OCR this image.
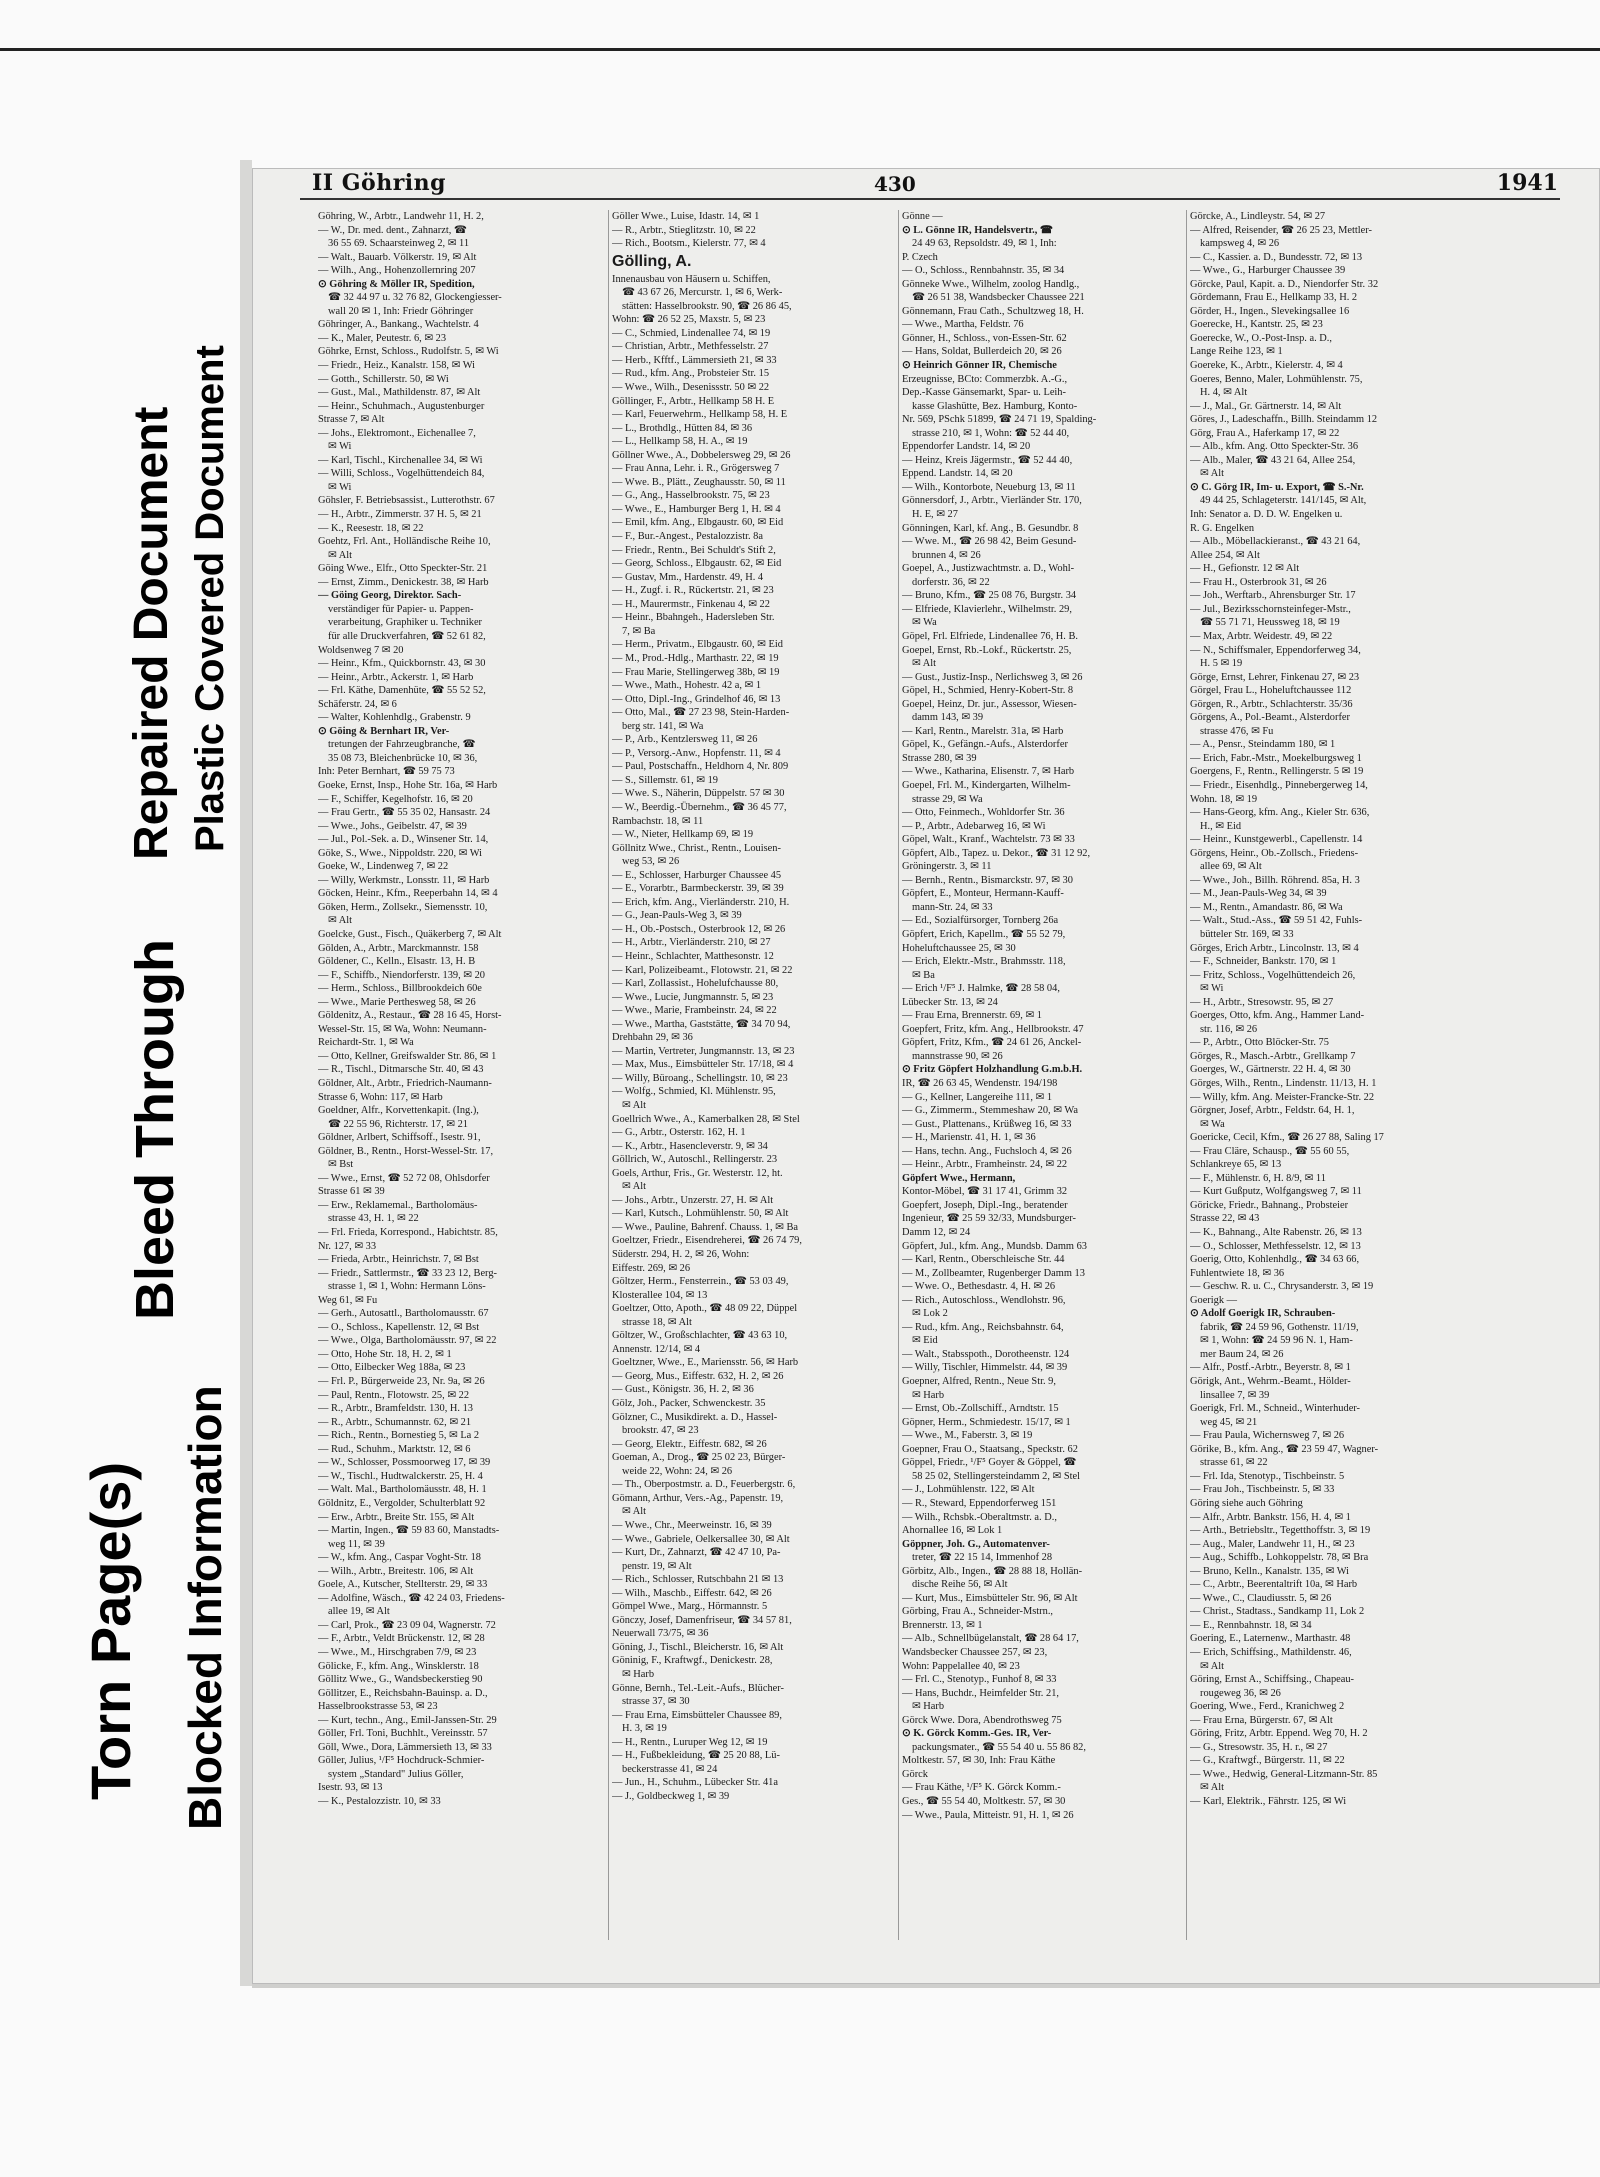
Torn Page(s) Blocked Information
Bleed Through
Repaired Document Plastic Covered Document
II Göhring	430	1941
Göhring, W., Arbtr., Landwehr 11, H. 2,
— W., Dr. med. dent., Zahnarzt, ☎
36 55 69. Schaarsteinweg 2, ✉ 11
— Walt., Bauarb. Völkerstr. 19, ✉ Alt
— Wilh., Ang., Hohenzollernring 207
⊙ Göhring & Möller IR, Spedition,
☎ 32 44 97 u. 32 76 82, Glockengiesser-
wall 20 ✉ 1, Inh: Friedr Göhringer
Göhringer, A., Bankang., Wachtelstr. 4
— K., Maler, Peutestr. 6, ✉ 23
Göhrke, Ernst, Schloss., Rudolfstr. 5, ✉ Wi
— Friedr., Heiz., Kanalstr. 158, ✉ Wi
— Gotth., Schillerstr. 50, ✉ Wi
— Gust., Mal., Mathildenstr. 87, ✉ Alt
— Heinr., Schuhmach., Augustenburger
Strasse 7, ✉ Alt
— Johs., Elektromont., Eichenallee 7,
✉ Wi
— Karl, Tischl., Kirchenallee 34, ✉ Wi
— Willi, Schloss., Vogelhüttendeich 84,
✉ Wi
Göhsler, F. Betriebsassist., Lutterothstr. 67
— H., Arbtr., Zimmerstr. 37 H. 5, ✉ 21
— K., Reesestr. 18, ✉ 22
Goehtz, Frl. Ant., Holländische Reihe 10,
✉ Alt
Göing Wwe., Elfr., Otto Speckter-Str. 21
— Ernst, Zimm., Denickestr. 38, ✉ Harb
— Göing Georg, Direktor. Sach-
verständiger für Papier- u. Pappen-
verarbeitung, Graphiker u. Techniker
für alle Druckverfahren, ☎ 52 61 82,
Woldsenweg 7 ✉ 20
— Heinr., Kfm., Quickbornstr. 43, ✉ 30
— Heinr., Arbtr., Ackerstr. 1, ✉ Harb
— Frl. Käthe, Damenhüte, ☎ 55 52 52,
Schäferstr. 24, ✉ 6
— Walter, Kohlenhdlg., Grabenstr. 9
⊙ Göing & Bernhart IR, Ver-
tretungen der Fahrzeugbranche, ☎
35 08 73, Bleichenbrücke 10, ✉ 36,
Inh: Peter Bernhart, ☎ 59 75 73
Goeke, Ernst, Insp., Hohe Str. 16a, ✉ Harb
— F., Schiffer, Kegelhofstr. 16, ✉ 20
— Frau Gertr., ☎ 55 35 02, Hansastr. 24
— Wwe., Johs., Geibelstr. 47, ✉ 39
— Jul., Pol.-Sek. a. D., Winsener Str. 14,
Göke, S., Wwe., Nippoldstr. 220, ✉ Wi
Goeke, W., Lindenweg 7, ✉ 22
— Willy, Werkmstr., Lonsstr. 11, ✉ Harb
Göcken, Heinr., Kfm., Reeperbahn 14, ✉ 4
Göken, Herm., Zollsekr., Siemensstr. 10,
✉ Alt
Goelcke, Gust., Fisch., Quäkerberg 7, ✉ Alt
Gölden, A., Arbtr., Marckmannstr. 158
Göldener, C., Kelln., Elsastr. 13, H. B
— F., Schiffb., Niendorferstr. 139, ✉ 20
— Herm., Schloss., Billbrookdeich 60e
— Wwe., Marie Perthesweg 58, ✉ 26
Göldenitz, A., Restaur., ☎ 28 16 45, Horst-
Wessel-Str. 15, ✉ Wa, Wohn: Neumann-
Reichardt-Str. 1, ✉ Wa
— Otto, Kellner, Greifswalder Str. 86, ✉ 1
— R., Tischl., Ditmarsche Str. 40, ✉ 43
Göldner, Alt., Arbtr., Friedrich-Naumann-
Strasse 6, Wohn: 117, ✉ Harb
Goeldner, Alfr., Korvettenkapit. (Ing.),
☎ 22 55 96, Richterstr. 17, ✉ 21
Göldner, Arlbert, Schiffsoff., Isestr. 91,
Göldner, B., Rentn., Horst-Wessel-Str. 17,
✉ Bst
— Wwe., Ernst, ☎ 52 72 08, Ohlsdorfer
Strasse 61 ✉ 39
— Erw., Reklamemal., Bartholomäus-
strasse 43, H. 1, ✉ 22
— Frl. Frieda, Korrespond., Habichtstr. 85,
Nr. 127, ✉ 33
— Frieda, Arbtr., Heinrichstr. 7, ✉ Bst
— Friedr., Sattlermstr., ☎ 33 23 12, Berg-
strasse 1, ✉ 1, Wohn: Hermann Löns-
Weg 61, ✉ Fu
— Gerh., Autosattl., Bartholomausstr. 67
— O., Schloss., Kapellenstr. 12, ✉ Bst
— Wwe., Olga, Bartholomäusstr. 97, ✉ 22
— Otto, Hohe Str. 18, H. 2, ✉ 1
— Otto, Eilbecker Weg 188a, ✉ 23
— Frl. P., Bürgerweide 23, Nr. 9a, ✉ 26
— Paul, Rentn., Flotowstr. 25, ✉ 22
— R., Arbtr., Bramfeldstr. 130, H. 13
— R., Arbtr., Schumannstr. 62, ✉ 21
— Rich., Rentn., Bornestieg 5, ✉ La 2
— Rud., Schuhm., Marktstr. 12, ✉ 6
— W., Schlosser, Possmoorweg 17, ✉ 39
— W., Tischl., Hudtwalckerstr. 25, H. 4
— Walt. Mal., Bartholomäusstr. 48, H. 1
Göldnitz, E., Vergolder, Schulterblatt 92
— Erw., Arbtr., Breite Str. 155, ✉ Alt
— Martin, Ingen., ☎ 59 83 60, Manstadts-
weg 11, ✉ 39
— W., kfm. Ang., Caspar Voght-Str. 18
— Wilh., Arbtr., Breitestr. 106, ✉ Alt
Goele, A., Kutscher, Stellterstr. 29, ✉ 33
— Adolfine, Wäsch., ☎ 42 24 03, Friedens-
allee 19, ✉ Alt
— Carl, Prok., ☎ 23 09 04, Wagnerstr. 72
— F., Arbtr., Veldt Brückenstr. 12, ✉ 28
— Wwe., M., Hirschgraben 7/9, ✉ 23
Gölicke, F., kfm. Ang., Winsklerstr. 18
Göllitz Wwe., G., Wandsbeckerstieg 90
Göllitzer, E., Reichsbahn-Bauinsp. a. D.,
Hasselbrookstrasse 53, ✉ 23
— Kurt, techn., Ang., Emil-Janssen-Str. 29
Göller, Frl. Toni, Buchhlt., Vereinsstr. 57
Göll, Wwe., Dora, Lämmersieth 13, ✉ 33
Göller, Julius, ¹/F⁵ Hochdruck-Schmier-
system „Standard" Julius Göller,
Isestr. 93, ✉ 13
— K., Pestalozzistr. 10, ✉ 33
Göller Wwe., Luise, Idastr. 14, ✉ 1
— R., Arbtr., Stieglitzstr. 10, ✉ 22
— Rich., Bootsm., Kielerstr. 77, ✉ 4
Gölling, A.
Innenausbau von Häusern u. Schiffen,
☎ 43 67 26, Mercurstr. 1, ✉ 6, Werk-
stätten: Hasselbrookstr. 90, ☎ 26 86 45,
Wohn: ☎ 26 52 25, Maxstr. 5, ✉ 23
— C., Schmied, Lindenallee 74, ✉ 19
— Christian, Arbtr., Methfesselstr. 27
— Herb., Kfftf., Lämmersieth 21, ✉ 33
— Rud., kfm. Ang., Probsteier Str. 15
— Wwe., Wilh., Desenissstr. 50 ✉ 22
Göllinger, F., Arbtr., Hellkamp 58 H. E
— Karl, Feuerwehrm., Hellkamp 58, H. E
— L., Brothdlg., Hütten 84, ✉ 36
— L., Hellkamp 58, H. A., ✉ 19
Göllner Wwe., A., Dobbelersweg 29, ✉ 26
— Frau Anna, Lehr. i. R., Grögersweg 7
— Wwe. B., Plätt., Zeughausstr. 50, ✉ 11
— G., Ang., Hasselbrookstr. 75, ✉ 23
— Wwe., E., Hamburger Berg 1, H. ✉ 4
— Emil, kfm. Ang., Elbgaustr. 60, ✉ Eid
— F., Bur.-Angest., Pestalozzistr. 8a
— Friedr., Rentn., Bei Schuldt's Stift 2,
— Georg, Schloss., Elbgaustr. 62, ✉ Eid
— Gustav, Mm., Hardenstr. 49, H. 4
— H., Zugf. i. R., Rückertstr. 21, ✉ 23
— H., Maurermstr., Finkenau 4, ✉ 22
— Heinr., Bbahngeh., Hadersleben Str.
7, ✉ Ba
— Herm., Privatm., Elbgaustr. 60, ✉ Eid
— M., Prod.-Hdlg., Marthastr. 22, ✉ 19
— Frau Marie, Stellingerweg 38b, ✉ 19
— Wwe., Math., Hohestr. 42 a, ✉ 1
— Otto, Dipl.-Ing., Grindelhof 46, ✉ 13
— Otto, Mal., ☎ 27 23 98, Stein-Harden-
berg str. 141, ✉ Wa
— P., Arb., Kentzlersweg 11, ✉ 26
— P., Versorg.-Anw., Hopfenstr. 11, ✉ 4
— Paul, Postschaffn., Heldhorn 4, Nr. 809
— S., Sillemstr. 61, ✉ 19
— Wwe. S., Näherin, Düppelstr. 57 ✉ 30
— W., Beerdig.-Übernehm., ☎ 36 45 77,
Rambachstr. 18, ✉ 11
— W., Nieter, Hellkamp 69, ✉ 19
Göllnitz Wwe., Christ., Rentn., Louisen-
weg 53, ✉ 26
— E., Schlosser, Harburger Chaussee 45
— E., Vorarbtr., Barmbeckerstr. 39, ✉ 39
— Erich, kfm. Ang., Vierländerstr. 210, H.
— G., Jean-Pauls-Weg 3, ✉ 39
— H., Ob.-Postsch., Osterbrook 12, ✉ 26
— H., Arbtr., Vierländerstr. 210, ✉ 27
— Heinr., Schlachter, Matthesonstr. 12
— Karl, Polizeibeamt., Flotowstr. 21, ✉ 22
— Karl, Zollassist., Hohelufchausse 80,
— Wwe., Lucie, Jungmannstr. 5, ✉ 23
— Wwe., Marie, Frambeinstr. 24, ✉ 22
— Wwe., Martha, Gaststätte, ☎ 34 70 94,
Drehbahn 29, ✉ 36
— Martin, Vertreter, Jungmannstr. 13, ✉ 23
— Max, Mus., Eimsbütteler Str. 17/18, ✉ 4
— Willy, Büroang., Schellingstr. 10, ✉ 23
— Wolfg., Schmied, Kl. Mühlenstr. 95,
✉ Alt
Goellrich Wwe., A., Kamerbalken 28, ✉ Stel
— G., Arbtr., Osterstr. 162, H. 1
— K., Arbtr., Hasencleverstr. 9, ✉ 34
Göllrich, W., Autoschl., Rellingerstr. 23
Goels, Arthur, Fris., Gr. Westerstr. 12, ht.
✉ Alt
— Johs., Arbtr., Unzerstr. 27, H. ✉ Alt
— Karl, Kutsch., Lohmühlenstr. 50, ✉ Alt
— Wwe., Pauline, Bahrenf. Chauss. 1, ✉ Ba
Goeltzer, Friedr., Eisendreherei, ☎ 26 74 79,
Süderstr. 294, H. 2, ✉ 26, Wohn:
Eiffestr. 269, ✉ 26
Göltzer, Herm., Fensterrein., ☎ 53 03 49,
Klosterallee 104, ✉ 13
Goeltzer, Otto, Apoth., ☎ 48 09 22, Düppel
strasse 18, ✉ Alt
Göltzer, W., Großschlachter, ☎ 43 63 10,
Annenstr. 12/14, ✉ 4
Goeltzner, Wwe., E., Mariensstr. 56, ✉ Harb
— Georg, Mus., Eiffestr. 632, H. 2, ✉ 26
— Gust., Königstr. 36, H. 2, ✉ 36
Gölz, Joh., Packer, Schwenckestr. 35
Gölzner, C., Musikdirekt. a. D., Hassel-
brookstr. 47, ✉ 23
— Georg, Elektr., Eiffestr. 682, ✉ 26
Goeman, A., Drog., ☎ 25 02 23, Bürger-
weide 22, Wohn: 24, ✉ 26
— Th., Oberpostmstr. a. D., Feuerbergstr. 6,
Gömann, Arthur, Vers.-Ag., Papenstr. 19,
✉ Alt
— Wwe., Chr., Meerweinstr. 16, ✉ 39
— Wwe., Gabriele, Oelkersallee 30, ✉ Alt
— Kurt, Dr., Zahnarzt, ☎ 42 47 10, Pa-
penstr. 19, ✉ Alt
— Rich., Schlosser, Rutschbahn 21 ✉ 13
— Wilh., Maschb., Eiffestr. 642, ✉ 26
Gömpel Wwe., Marg., Hörmannstr. 5
Gönczy, Josef, Damenfriseur, ☎ 34 57 81,
Neuerwall 73/75, ✉ 36
Göning, J., Tischl., Bleicherstr. 16, ✉ Alt
Göninig, F., Kraftwgf., Denickestr. 28,
✉ Harb
Gönne, Bernh., Tel.-Leit.-Aufs., Blücher-
strasse 37, ✉ 30
— Frau Erna, Eimsbütteler Chaussee 89,
H. 3, ✉ 19
— H., Rentn., Luruper Weg 12, ✉ 19
— H., Fußbekleidung, ☎ 25 20 88, Lü-
beckerstrasse 41, ✉ 24
— Jun., H., Schuhm., Lübecker Str. 41a
— J., Goldbeckweg 1, ✉ 39
Gönne —
⊙ L. Gönne IR, Handelsvertr., ☎
24 49 63, Repsoldstr. 49, ✉ 1, Inh:
P. Czech
— O., Schloss., Rennbahnstr. 35, ✉ 34
Gönneke Wwe., Wilhelm, zoolog Handlg.,
☎ 26 51 38, Wandsbecker Chaussee 221
Gönnemann, Frau Cath., Schultzweg 18, H.
— Wwe., Martha, Feldstr. 76
Gönner, H., Schloss., von-Essen-Str. 62
— Hans, Soldat, Bullerdeich 20, ✉ 26
⊙ Heinrich Gönner IR, Chemische
Erzeugnisse, BCto: Commerzbk. A.-G.,
Dep.-Kasse Gänsemarkt, Spar- u. Leih-
kasse Glashütte, Bez. Hamburg, Konto-
Nr. 569, PSchk 51899, ☎ 24 71 19, Spalding-
strasse 210, ✉ 1, Wohn: ☎ 52 44 40,
Eppendorfer Landstr. 14, ✉ 20
— Heinz, Kreis Jägermstr., ☎ 52 44 40,
Eppend. Landstr. 14, ✉ 20
— Wilh., Kontorbote, Neueburg 13, ✉ 11
Gönnersdorf, J., Arbtr., Vierländer Str. 170,
H. E, ✉ 27
Gönningen, Karl, kf. Ang., B. Gesundbr. 8
— Wwe. M., ☎ 26 98 42, Beim Gesund-
brunnen 4, ✉ 26
Goepel, A., Justizwachtmstr. a. D., Wohl-
dorferstr. 36, ✉ 22
— Bruno, Kfm., ☎ 25 08 76, Burgstr. 34
— Elfriede, Klavierlehr., Wilhelmstr. 29,
✉ Wa
Göpel, Frl. Elfriede, Lindenallee 76, H. B.
Goepel, Ernst, Rb.-Lokf., Rückertstr. 25,
✉ Alt
— Gust., Justiz-Insp., Nerlichsweg 3, ✉ 26
Göpel, H., Schmied, Henry-Kobert-Str. 8
Goepel, Heinz, Dr. jur., Assessor, Wiesen-
damm 143, ✉ 39
— Karl, Rentn., Marelstr. 31a, ✉ Harb
Göpel, K., Gefängn.-Aufs., Alsterdorfer
Strasse 280, ✉ 39
— Wwe., Katharina, Elisenstr. 7, ✉ Harb
Goepel, Frl. M., Kindergarten, Wilhelm-
strasse 29, ✉ Wa
— Otto, Feinmech., Wohldorfer Str. 36
— P., Arbtr., Adebarweg 16, ✉ Wi
Göpel, Walt., Kranf., Wachtelstr. 73 ✉ 33
Göpfert, Alb., Tapez. u. Dekor., ☎ 31 12 92,
Gröningerstr. 3, ✉ 11
— Bernh., Rentn., Bismarckstr. 97, ✉ 30
Göpfert, E., Monteur, Hermann-Kauff-
mann-Str. 24, ✉ 33
— Ed., Sozialfürsorger, Tornberg 26a
Göpfert, Erich, Kapellm., ☎ 55 52 79,
Hoheluftchaussee 25, ✉ 30
— Erich, Elektr.-Mstr., Brahmsstr. 118,
✉ Ba
— Erich ¹/F⁵ J. Halmke, ☎ 28 58 04,
Lübecker Str. 13, ✉ 24
— Frau Erna, Brennerstr. 69, ✉ 1
Goepfert, Fritz, kfm. Ang., Hellbrookstr. 47
Göpfert, Fritz, Kfm., ☎ 24 61 26, Anckel-
mannstrasse 90, ✉ 26
⊙ Fritz Göpfert Holzhandlung G.m.b.H.
IR, ☎ 26 63 45, Wendenstr. 194/198
— G., Kellner, Langereihe 111, ✉ 1
— G., Zimmerm., Stemmeshaw 20, ✉ Wa
— Gust., Plattenans., Krüßweg 16, ✉ 33
— H., Marienstr. 41, H. 1, ✉ 36
— Hans, techn. Ang., Fuchsloch 4, ✉ 26
— Heinr., Arbtr., Framheinstr. 24, ✉ 22
Göpfert Wwe., Hermann,
Kontor-Möbel, ☎ 31 17 41, Grimm 32
Goepfert, Joseph, Dipl.-Ing., beratender
Ingenieur, ☎ 25 59 32/33, Mundsburger-
Damm 12, ✉ 24
Göpfert, Jul., kfm. Ang., Mundsb. Damm 63
— Karl, Rentn., Oberschleische Str. 44
— M., Zollbeamter, Rugenberger Damm 13
— Wwe. O., Bethesdastr. 4, H. ✉ 26
— Rich., Autoschloss., Wendlohstr. 96,
✉ Lok 2
— Rud., kfm. Ang., Reichsbahnstr. 64,
✉ Eid
— Walt., Stabsspoth., Dorotheenstr. 124
— Willy, Tischler, Himmelstr. 44, ✉ 39
Goepner, Alfred, Rentn., Neue Str. 9,
✉ Harb
— Ernst, Ob.-Zollschiff., Arndtstr. 15
Göpner, Herm., Schmiedestr. 15/17, ✉ 1
— Wwe., M., Faberstr. 3, ✉ 19
Goepner, Frau O., Staatsang., Speckstr. 62
Göppel, Friedr., ¹/F⁵ Goyer & Göppel, ☎
58 25 02, Stellingersteindamm 2, ✉ Stel
— J., Lohmühlenstr. 122, ✉ Alt
— R., Steward, Eppendorferweg 151
— Wilh., Rchsbk.-Oberaltmstr. a. D.,
Ahornallee 16, ✉ Lok 1
Göppner, Joh. G., Automatenver-
treter, ☎ 22 15 14, Immenhof 28
Görbitz, Alb., Ingen., ☎ 28 88 18, Hollän-
dische Reihe 56, ✉ Alt
— Kurt, Mus., Eimsbütteler Str. 96, ✉ Alt
Görbing, Frau A., Schneider-Mstrn.,
Brennerstr. 13, ✉ 1
— Alb., Schnellbügelanstalt, ☎ 28 64 17,
Wandsbecker Chaussee 257, ✉ 23,
Wohn: Pappelallee 40, ✉ 23
— Frl. C., Stenotyp., Funhof 8, ✉ 33
— Hans, Buchdr., Heimfelder Str. 21,
✉ Harb
Görck Wwe. Dora, Abendrothsweg 75
⊙ K. Görck Komm.-Ges. IR, Ver-
packungsmater., ☎ 55 54 40 u. 55 86 82,
Moltkestr. 57, ✉ 30, Inh: Frau Käthe
Görck
— Frau Käthe, ¹/F⁵ K. Görck Komm.-
Ges., ☎ 55 54 40, Moltkestr. 57, ✉ 30
— Wwe., Paula, Mitteistr. 91, H. 1, ✉ 26
Görcke, A., Lindleystr. 54, ✉ 27
— Alfred, Reisender, ☎ 26 25 23, Mettler-
kampsweg 4, ✉ 26
— C., Kassier. a. D., Bundesstr. 72, ✉ 13
— Wwe., G., Harburger Chaussee 39
Görcke, Paul, Kapit. a. D., Niendorfer Str. 32
Gördemann, Frau E., Hellkamp 33, H. 2
Görder, H., Ingen., Slevekingsallee 16
Goerecke, H., Kantstr. 25, ✉ 23
Goerecke, W., O.-Post-Insp. a. D.,
Lange Reihe 123, ✉ 1
Goereke, K., Arbtr., Kielerstr. 4, ✉ 4
Goeres, Benno, Maler, Lohmühlenstr. 75,
H. 4, ✉ Alt
— J., Mal., Gr. Gärtnerstr. 14, ✉ Alt
Göres, J., Ladeschaffn., Billh. Steindamm 12
Görg, Frau A., Haferkamp 17, ✉ 22
— Alb., kfm. Ang. Otto Speckter-Str. 36
— Alb., Maler, ☎ 43 21 64, Allee 254,
✉ Alt
⊙ C. Görg IR, Im- u. Export, ☎ S.-Nr.
49 44 25, Schlageterstr. 141/145, ✉ Alt,
Inh: Senator a. D. D. W. Engelken u.
R. G. Engelken
— Alb., Möbellackieranst., ☎ 43 21 64,
Allee 254, ✉ Alt
— H., Gefionstr. 12 ✉ Alt
— Frau H., Osterbrook 31, ✉ 26
— Joh., Werftarb., Ahrensburger Str. 17
— Jul., Bezirksschornsteinfeger-Mstr.,
☎ 55 71 71, Heussweg 18, ✉ 19
— Max, Arbtr. Weidestr. 49, ✉ 22
— N., Schiffsmaler, Eppendorferweg 34,
H. 5 ✉ 19
Görge, Ernst, Lehrer, Finkenau 27, ✉ 23
Görgel, Frau L., Hoheluftchaussee 112
Görgen, R., Arbtr., Schlachterstr. 35/36
Görgens, A., Pol.-Beamt., Alsterdorfer
strasse 476, ✉ Fu
— A., Pensr., Steindamm 180, ✉ 1
— Erich, Fabr.-Mstr., Moekelburgsweg 1
Goergens, F., Rentn., Rellingerstr. 5 ✉ 19
— Friedr., Eisenhdlg., Pinnebergerweg 14,
Wohn. 18, ✉ 19
— Hans-Georg, kfm. Ang., Kieler Str. 636,
H., ✉ Eid
— Heinr., Kunstgewerbl., Capellenstr. 14
Görgens, Heinr., Ob.-Zollsch., Friedens-
allee 69, ✉ Alt
— Wwe., Joh., Billh. Röhrend. 85a, H. 3
— M., Jean-Pauls-Weg 34, ✉ 39
— M., Rentn., Amandastr. 86, ✉ Wa
— Walt., Stud.-Ass., ☎ 59 51 42, Fuhls-
bütteler Str. 169, ✉ 33
Görges, Erich Arbtr., Lincolnstr. 13, ✉ 4
— F., Schneider, Bankstr. 170, ✉ 1
— Fritz, Schloss., Vogelhüttendeich 26,
✉ Wi
— H., Arbtr., Stresowstr. 95, ✉ 27
Goerges, Otto, kfm. Ang., Hammer Land-
str. 116, ✉ 26
— P., Arbtr., Otto Blöcker-Str. 75
Görges, R., Masch.-Arbtr., Grellkamp 7
Goerges, W., Gärtnerstr. 22 H. 4, ✉ 30
Görges, Wilh., Rentn., Lindenstr. 11/13, H. 1
— Willy, kfm. Ang. Meister-Francke-Str. 22
Görgner, Josef, Arbtr., Feldstr. 64, H. 1,
✉ Wa
Goericke, Cecil, Kfm., ☎ 26 27 88, Saling 17
— Frau Cläre, Schausp., ☎ 55 60 55,
Schlankreye 65, ✉ 13
— F., Mühlenstr. 6, H. 8/9, ✉ 11
— Kurt Gußputz, Wolfgangsweg 7, ✉ 11
Göricke, Friedr., Bahnang., Probsteier
Strasse 22, ✉ 43
— K., Bahnang., Alte Rabenstr. 26, ✉ 13
— O., Schlosser, Methfesselstr. 12, ✉ 13
Goerig, Otto, Kohlenhdlg., ☎ 34 63 66,
Fuhlentwiete 18, ✉ 36
— Geschw. R. u. C., Chrysanderstr. 3, ✉ 19
Goerigk —
⊙ Adolf Goerigk IR, Schrauben-
fabrik, ☎ 24 59 96, Gothenstr. 11/19,
✉ 1, Wohn: ☎ 24 59 96 N. 1, Ham-
mer Baum 24, ✉ 26
— Alfr., Postf.-Arbtr., Beyerstr. 8, ✉ 1
Görigk, Ant., Wehrm.-Beamt., Hölder-
linsallee 7, ✉ 39
Goerigk, Frl. M., Schneid., Winterhuder-
weg 45, ✉ 21
— Frau Paula, Wichernsweg 7, ✉ 26
Görike, B., kfm. Ang., ☎ 23 59 47, Wagner-
strasse 61, ✉ 22
— Frl. Ida, Stenotyp., Tischbeinstr. 5
— Frau Joh., Tischbeinstr. 5, ✉ 33
Göring siehe auch Göhring
— Alfr., Arbtr. Bankstr. 156, H. 4, ✉ 1
— Arth., Betriebsltr., Tegetthoffstr. 3, ✉ 19
— Aug., Maler, Landwehr 11, H., ✉ 23
— Aug., Schiffb., Lohkoppelstr. 78, ✉ Bra
— Bruno, Kelln., Kanalstr. 135, ✉ Wi
— C., Arbtr., Beerentaltrift 10a, ✉ Harb
— Wwe., C., Claudiusstr. 5, ✉ 26
— Christ., Stadtass., Sandkamp 11, Lok 2
— E., Rennbahnstr. 18, ✉ 34
Goering, E., Laternenw., Marthastr. 48
— Erich, Schiffsing., Mathildenstr. 46,
✉ Alt
Göring, Ernst A., Schiffsing., Chapeau-
rougeweg 36, ✉ 26
Goering, Wwe., Ferd., Kranichweg 2
— Frau Erna, Bürgerstr. 67, ✉ Alt
Göring, Fritz, Arbtr. Eppend. Weg 70, H. 2
— G., Stresowstr. 35, H. r., ✉ 27
— G., Kraftwgf., Bürgerstr. 11, ✉ 22
— Wwe., Hedwig, General-Litzmann-Str. 85
✉ Alt
— Karl, Elektrik., Fährstr. 125, ✉ Wi
